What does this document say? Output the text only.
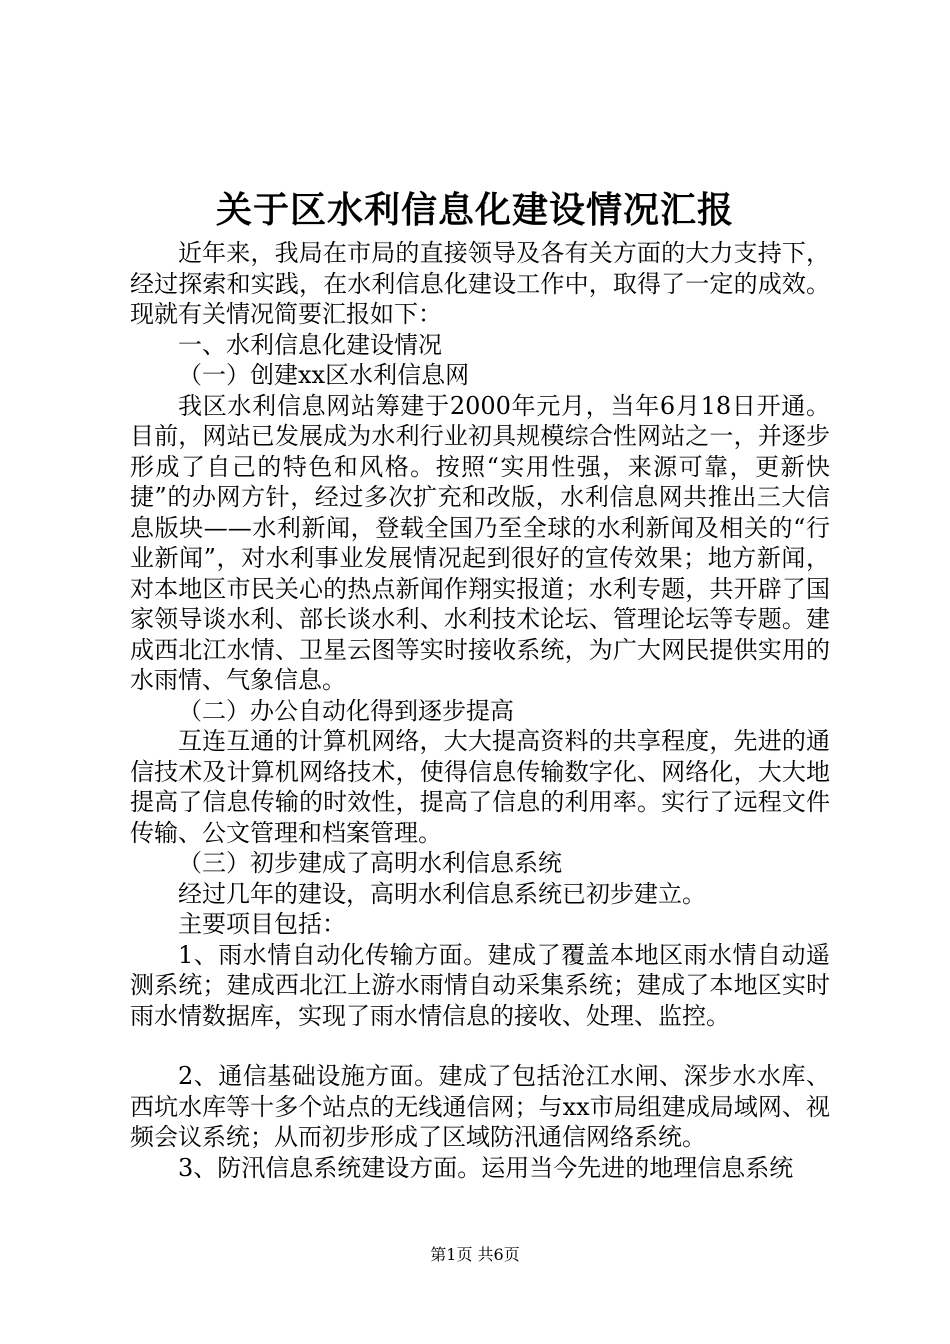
关于区水利信息化建设情况汇报

近年来，我局在市局的直接领导及各有关方面的大力支持下，经过探索和实践，在水利信息化建设工作中，取得了一定的成效。现就有关情况简要汇报如下：

一、水利信息化建设情况

（一）创建xx区水利信息网

我区水利信息网站筹建于2000年元月，当年6月18日开通。目前，网站已发展成为水利行业初具规模综合性网站之一，并逐步形成了自己的特色和风格。按照“实用性强，来源可靠，更新快捷”的办网方针，经过多次扩充和改版，水利信息网共推出三大信息版块——水利新闻，登载全国乃至全球的水利新闻及相关的“行业新闻”，对水利事业发展情况起到很好的宣传效果；地方新闻，对本地区市民关心的热点新闻作翔实报道；水利专题，共开辟了国家领导谈水利、部长谈水利、水利技术论坛、管理论坛等专题。建成西北江水情、卫星云图等实时接收系统，为广大网民提供实用的水雨情、气象信息。

（二）办公自动化得到逐步提高

互连互通的计算机网络，大大提高资料的共享程度，先进的通信技术及计算机网络技术，使得信息传输数字化、网络化，大大地提高了信息传输的时效性，提高了信息的利用率。实行了远程文件传输、公文管理和档案管理。

（三）初步建成了高明水利信息系统

经过几年的建设，高明水利信息系统已初步建立。

主要项目包括：

1、雨水情自动化传输方面。建成了覆盖本地区雨水情自动遥测系统；建成西北江上游水雨情自动采集系统；建成了本地区实时雨水情数据库，实现了雨水情信息的接收、处理、监控。

2、通信基础设施方面。建成了包括沧江水闸、深步水水库、西坑水库等十多个站点的无线通信网；与xx市局组建成局域网、视频会议系统；从而初步形成了区域防汛通信网络系统。

3、防汛信息系统建设方面。运用当今先进的地理信息系统

第1页 共6页
